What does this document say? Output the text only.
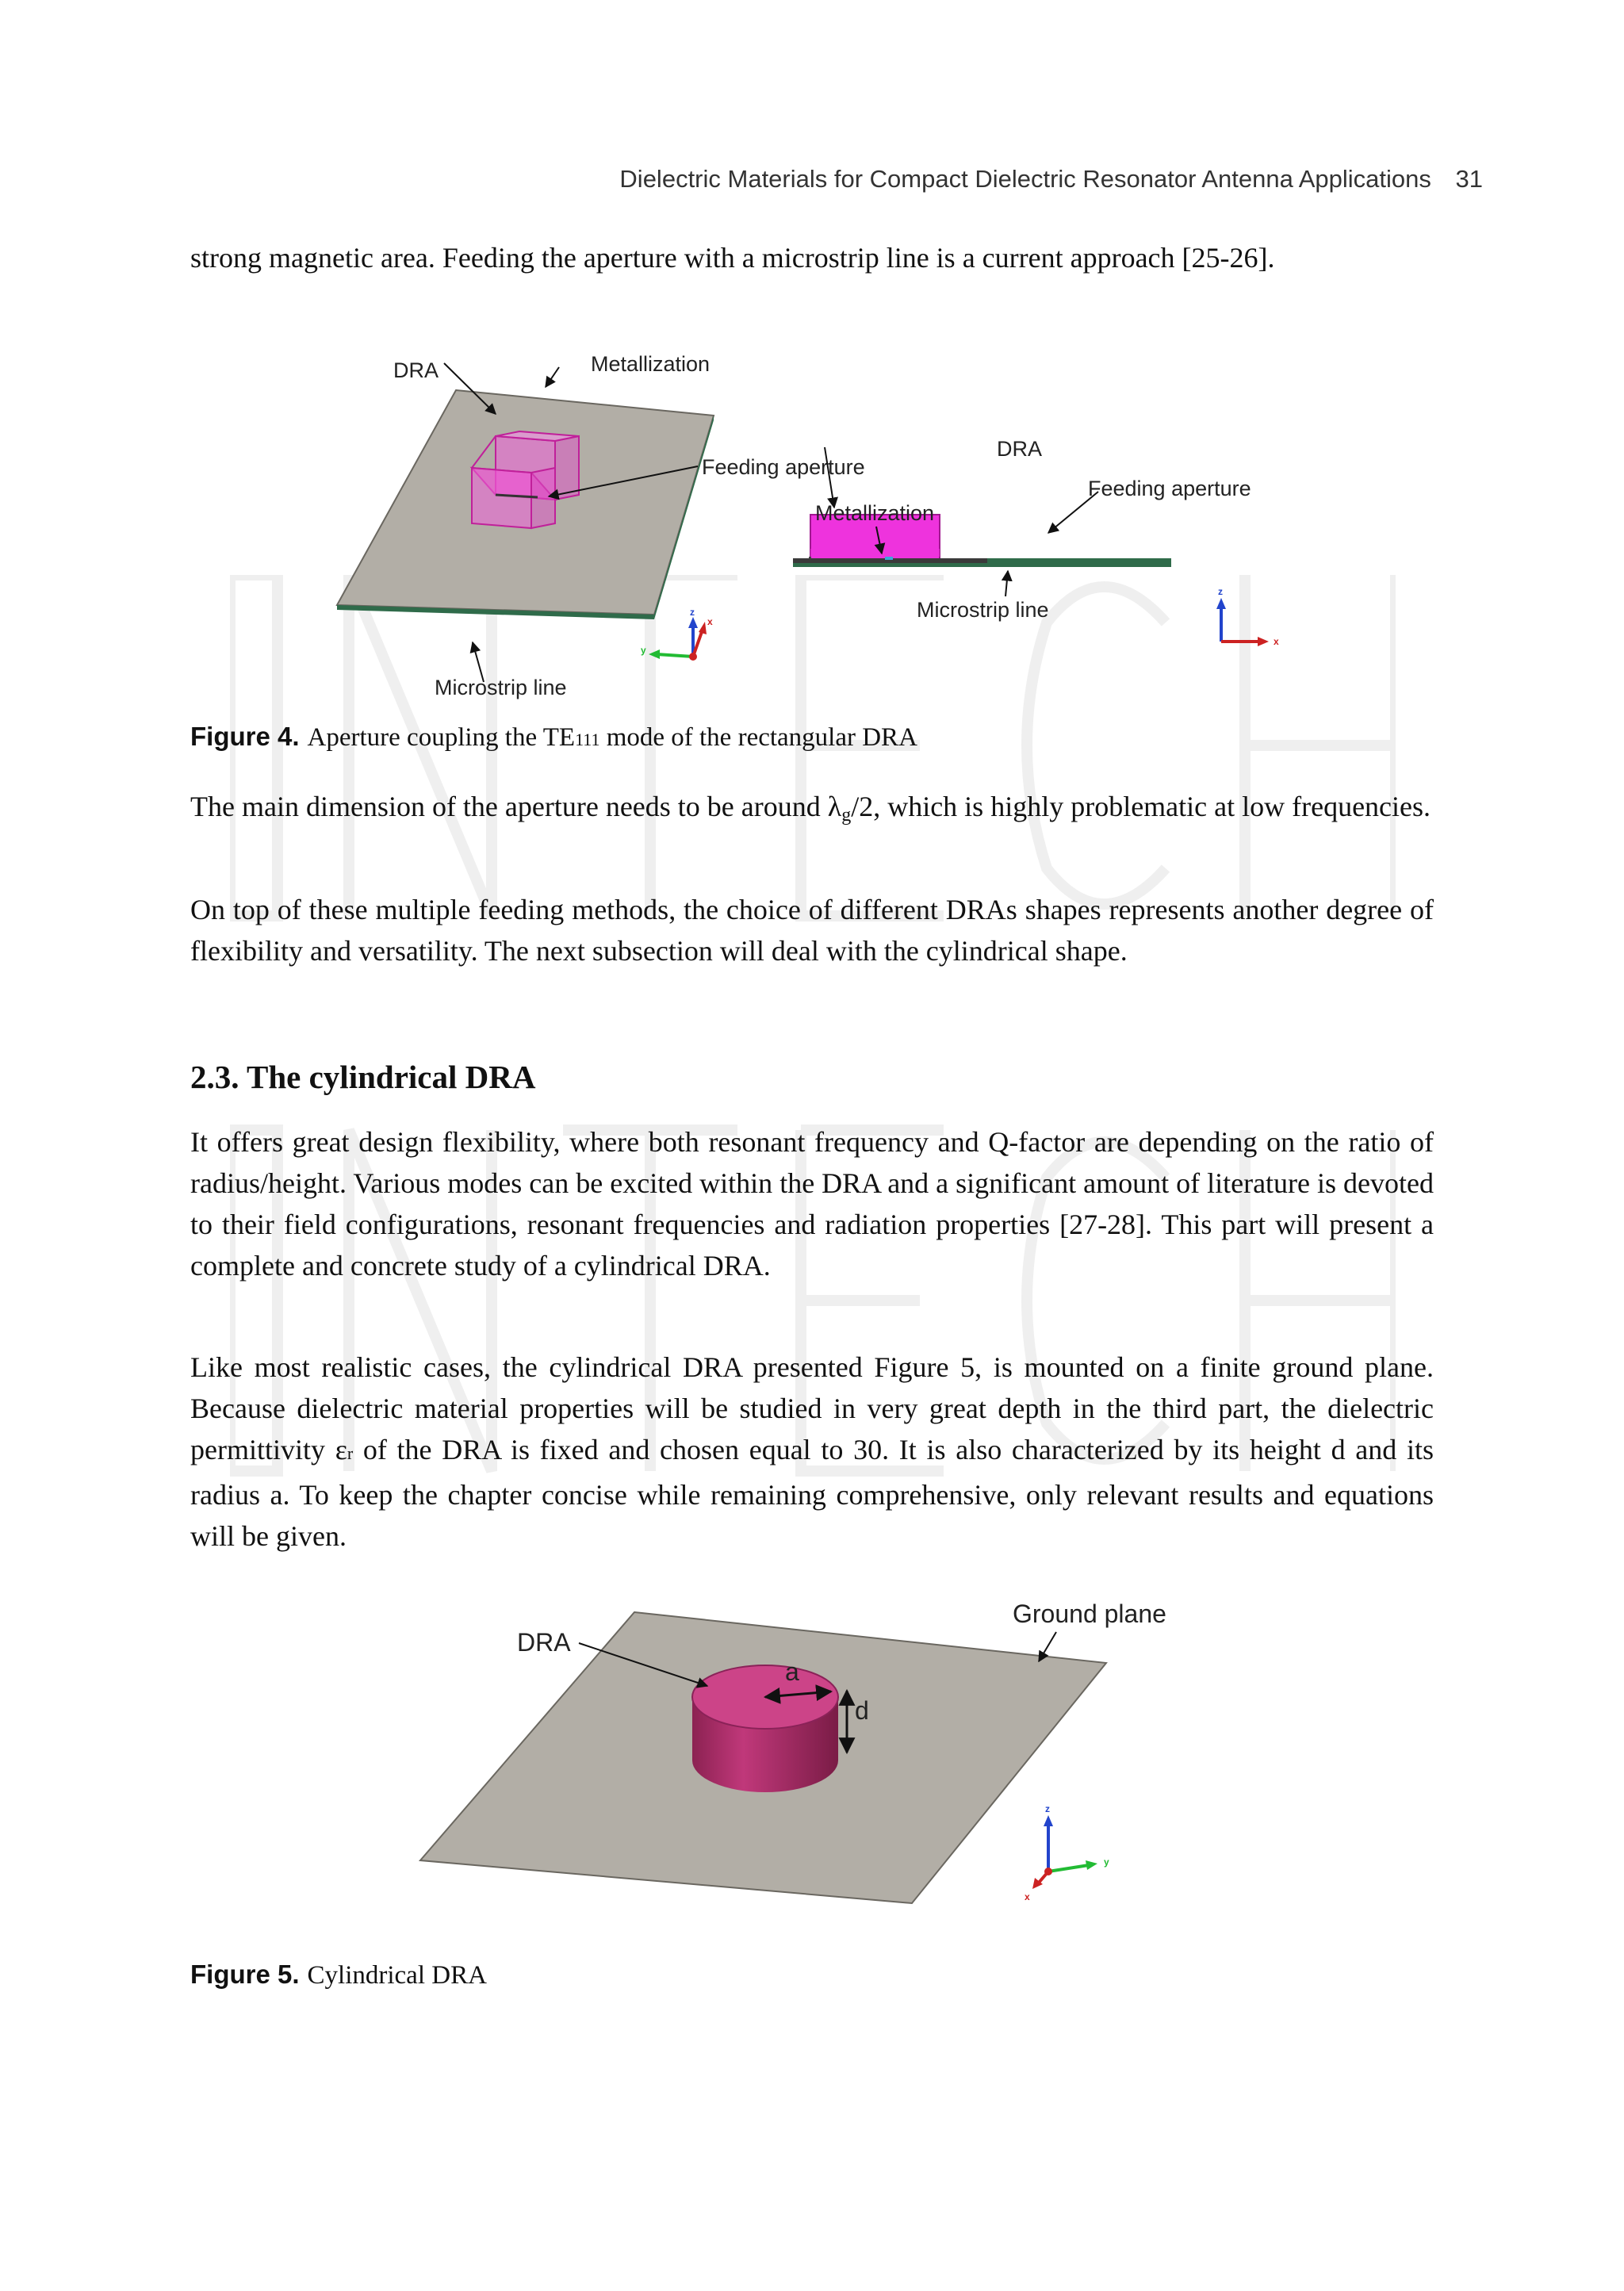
Dielectric Materials for Compact Dielectric Resonator Antenna Applications 31

strong magnetic area. Feeding the aperture with a microstrip line is a current approach [25-26].

DRA	Metallization
Feeding aperture
Microstrip line
z
y
x
DRA
Feeding aperture
Metallization
Microstrip line
z
x
Figure 4. Aperture coupling the TE111 mode of the rectangular DRA

The main dimension of the aperture needs to be around λg/2, which is highly problematic at low frequencies.

On top of these multiple feeding methods, the choice of different DRAs shapes represents another degree of flexibility and versatility. The next subsection will deal with the cylindrical shape.

2.3. The cylindrical DRA

It offers great design flexibility, where both resonant frequency and Q-factor are depending on the ratio of radius/height. Various modes can be excited within the DRA and a significant amount of literature is devoted to their field configurations, resonant frequencies and radiation properties [27-28]. This part will present a complete and concrete study of a cylindrical DRA.

Like most realistic cases, the cylindrical DRA presented Figure 5, is mounted on a finite ground plane. Because dielectric material properties will be studied in very great depth in the third part, the dielectric permittivity εr of the DRA is fixed and chosen equal to 30. It is also characterized by its height d and its radius a. To keep the chapter concise while remaining comprehensive, only relevant results and equations will be given.

DRA
Ground plane
a
d
z
y
x
Figure 5. Cylindrical DRA
